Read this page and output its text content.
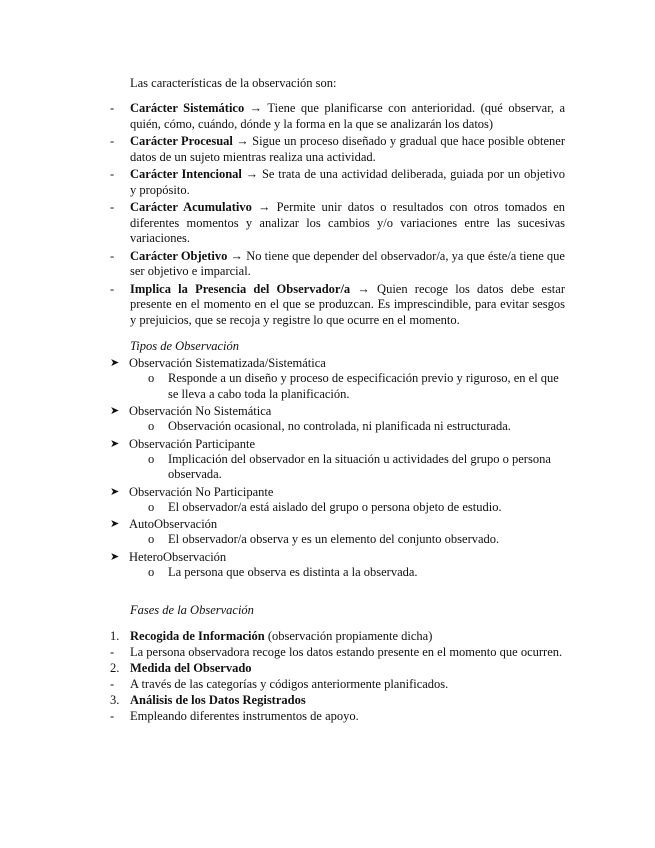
Las características de la observación son:
-	Carácter Sistemático → Tiene que planificarse con anterioridad. (qué observar, a quién, cómo, cuándo, dónde y la forma en la que se analizarán los datos)
-	Carácter Procesual → Sigue un proceso diseñado y gradual que hace posible obtener datos de un sujeto mientras realiza una actividad.
-	Carácter Intencional → Se trata de una actividad deliberada, guiada por un objetivo y propósito.
-	Carácter Acumulativo → Permite unir datos o resultados con otros tomados en diferentes momentos y analizar los cambios y/o variaciones entre las sucesivas variaciones.
-	Carácter Objetivo → No tiene que depender del observador/a, ya que éste/a tiene que ser objetivo e imparcial.
-	Implica la Presencia del Observador/a → Quien recoge los datos debe estar presente en el momento en el que se produzcan. Es imprescindible, para evitar sesgos y prejuicios, que se recoja y registre lo que ocurre en el momento.
Tipos de Observación
➤ Observación Sistematizada/Sistemática
o	Responde a un diseño y proceso de especificación previo y riguroso, en el que se lleva a cabo toda la planificación.
➤ Observación No Sistemática
o	Observación ocasional, no controlada, ni planificada ni estructurada.
➤ Observación Participante
o	Implicación del observador en la situación u actividades del grupo o persona observada.
➤ Observación No Participante
o	El observador/a está aislado del grupo o persona objeto de estudio.
➤ AutoObservación
o	El observador/a observa y es un elemento del conjunto observado.
➤ HeteroObservación
o	La persona que observa es distinta a la observada.
Fases de la Observación
1. Recogida de Información (observación propiamente dicha)
-	La persona observadora recoge los datos estando presente en el momento que ocurren.
2. Medida del Observado
-	A través de las categorías y códigos anteriormente planificados.
3. Análisis de los Datos Registrados
-	Empleando diferentes instrumentos de apoyo.
